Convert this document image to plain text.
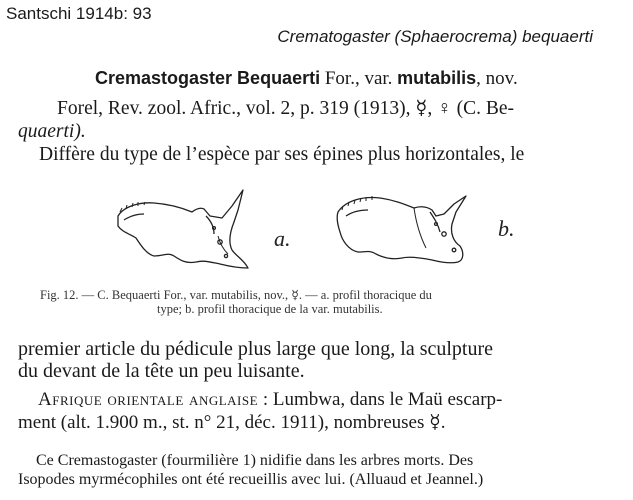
Santschi 1914b: 93
Crematogaster (Sphaerocrema) bequaerti
Cremastogaster Bequaerti For., var. mutabilis, nov.
Forel, Rev. zool. Afric., vol. 2, p. 319 (1913), ☿, ♀ (C. Be-
quaerti).
Diffère du type de l’espèce par ses épines plus horizontales, le
a.	b.
Fig. 12. — C. Bequaerti For., var. mutabilis, nov., ☿. — a. profil thoracique du
type; b. profil thoracique de la var. mutabilis.
premier article du pédicule plus large que long, la sculpture
du devant de la tête un peu luisante.
Afrique orientale anglaise : Lumbwa, dans le Maü escarp-
ment (alt. 1.900 m., st. n° 21, déc. 1911), nombreuses ☿.
Ce Cremastogaster (fourmilière 1) nidifie dans les arbres morts. Des
Isopodes myrmécophiles ont été recueillis avec lui. (Alluaud et Jeannel.)
